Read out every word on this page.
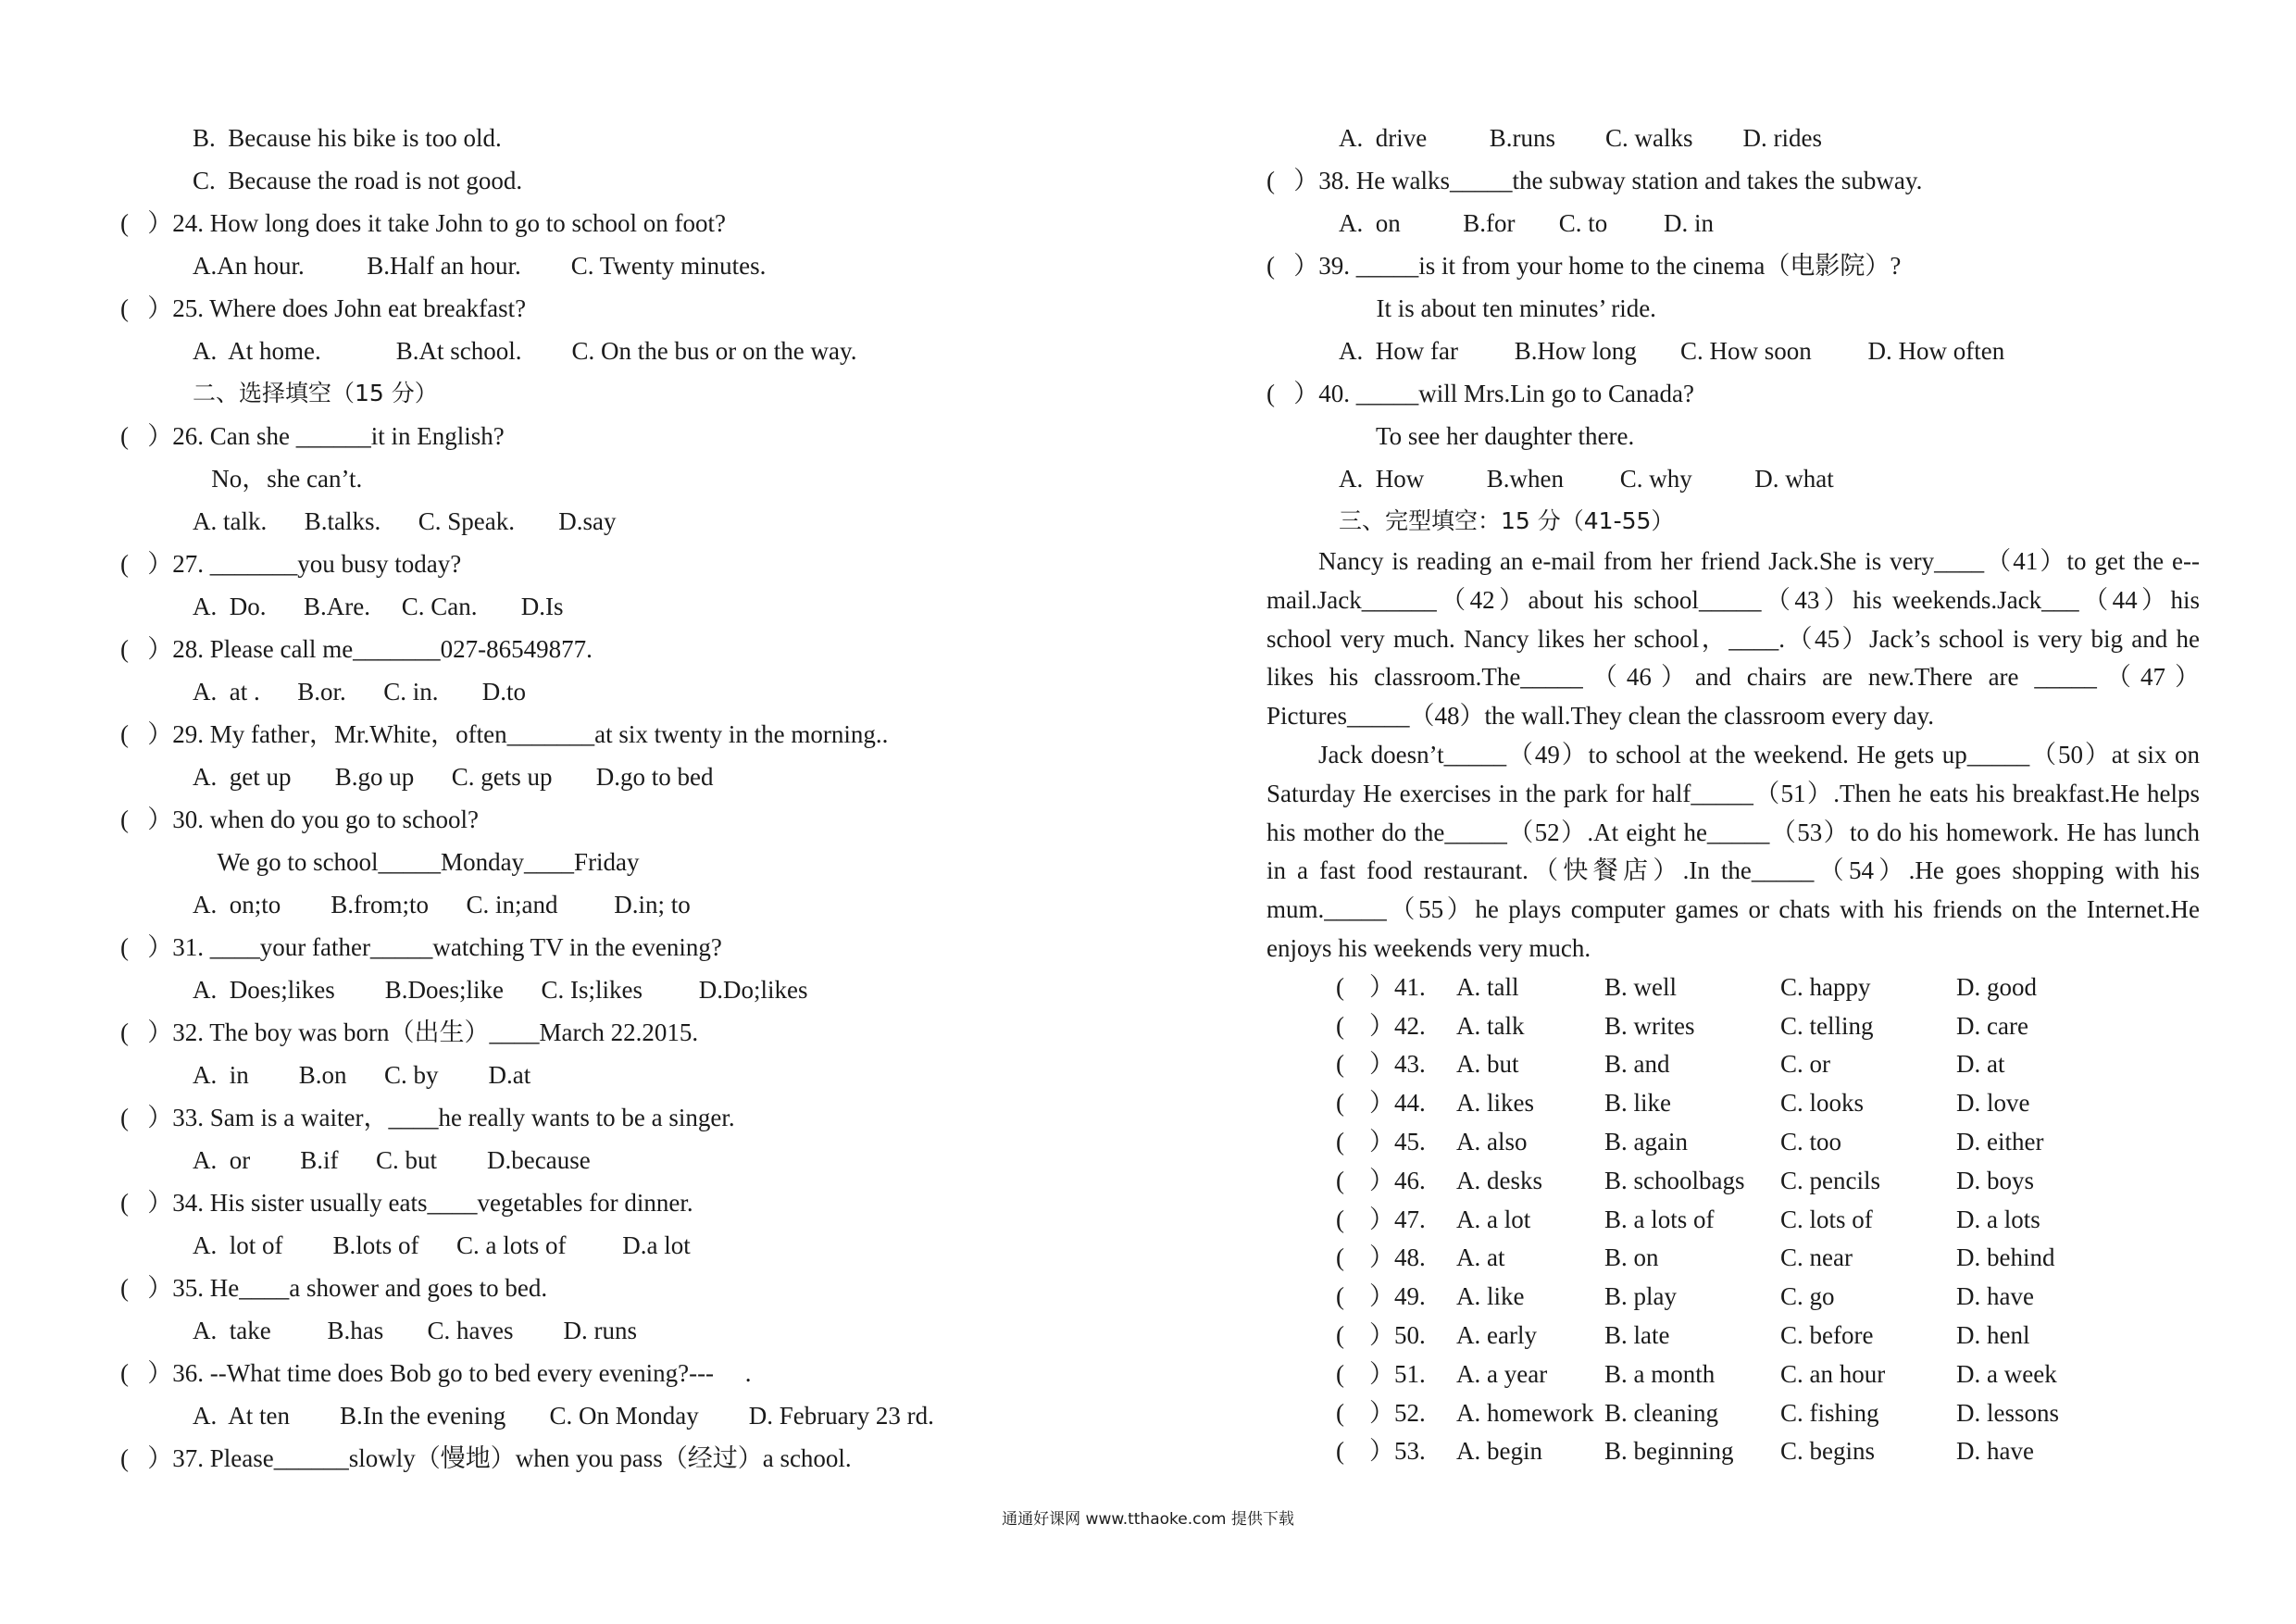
B.  Because his bike is too old.
C.  Because the road is not good.
(   ）24. How long does it take John to go to school on foot?
A.An hour.          B.Half an hour.        C. Twenty minutes.
(   ）25. Where does John eat breakfast?
A.  At home.            B.At school.        C. On the bus or on the way.
二、选择填空（15 分）
(   ）26. Can she ______it in English?
No，she can’t.
A. talk.      B.talks.      C. Speak.       D.say
(   ）27. _______you busy today?
A.  Do.      B.Are.     C. Can.       D.Is
(   ）28. Please call me_______027-86549877.
A.  at .      B.or.      C. in.       D.to
(   ）29. My father，Mr.White，often_______at six twenty in the morning..
A.  get up       B.go up      C. gets up       D.go to bed
(   ）30. when do you go to school?
We go to school_____Monday____Friday
A.  on;to        B.from;to      C. in;and         D.in; to
(   ）31. ____your father_____watching TV in the evening?
A.  Does;likes        B.Does;like      C. Is;likes         D.Do;likes
(   ）32. The boy was born（出生）____March 22.2015.
A.  in        B.on      C. by        D.at
(   ）33. Sam is a waiter，____he really wants to be a singer.
A.  or        B.if      C. but        D.because
(   ）34. His sister usually eats____vegetables for dinner.
A.  lot of        B.lots of      C. a lots of         D.a lot
(   ）35. He____a shower and goes to bed.
A.  take         B.has       C. haves        D. runs
(   ）36. --What time does Bob go to bed every evening?---     .
A.  At ten        B.In the evening       C. On Monday        D. February 23 rd.
(   ）37. Please______slowly（慢地）when you pass（经过）a school.
A.  drive          B.runs        C. walks        D. rides
(   ）38. He walks_____the subway station and takes the subway.
A.  on          B.for       C. to         D. in
(   ）39. _____is it from your home to the cinema（电影院）?
It is about ten minutes’ ride.
A.  How far         B.How long       C. How soon         D. How often
(   ）40. _____will Mrs.Lin go to Canada?
To see her daughter there.
A.  How          B.when         C. why          D. what
三、完型填空：15 分（41-55）
Nancy is reading an e-mail from her friend Jack.She is very____（41）to get the e--mail.Jack______（42）about his school_____（43）his weekends.Jack___（44）his school very much. Nancy likes her school，____.（45）Jack’s school is very big and he likes his classroom.The_____（46）and chairs are new.There are _____（47）Pictures_____（48）the wall.They clean the classroom every day.
Jack doesn’t_____（49）to school at the weekend. He gets up_____（50）at six on Saturday He exercises in the park for half_____（51）.Then he eats his breakfast.He helps his mother do the_____（52）.At eight he_____（53）to do his homework. He has lunch in a fast food restaurant.（快餐店）.In the_____（54）.He goes shopping with his mum._____（55）he plays computer games or chats with his friends on the Internet.He enjoys his weekends very much.
(    ）41. A. tall	B. well	C. happy	D. good
(    ）42. A. talk	B. writes	C. telling	D. care
(    ）43. A. but	B. and	C. or	D. at
(    ）44. A. likes	B. like	C. looks	D. love
(    ）45. A. also	B. again	C. too	D. either
(    ）46. A. desks B. schoolbags C. pencils	D. boys
(    ）47. A. a lot	B. a lots of	C. lots of	D. a lots
(    ）48. A. at	B. on	C. near	D. behind
(    ）49. A. like	B. play	C. go	D. have
(    ）50. A. early	B. late	C. before	D. henl
(    ）51. A. a year B. a month	C. an hour	D. a week
(    ）52. A. homework B. cleaning C. fishing	D. lessons
(    ）53. A. begin B. beginning C. begins	D. have
通通好课网 www.tthaoke.com 提供下载
